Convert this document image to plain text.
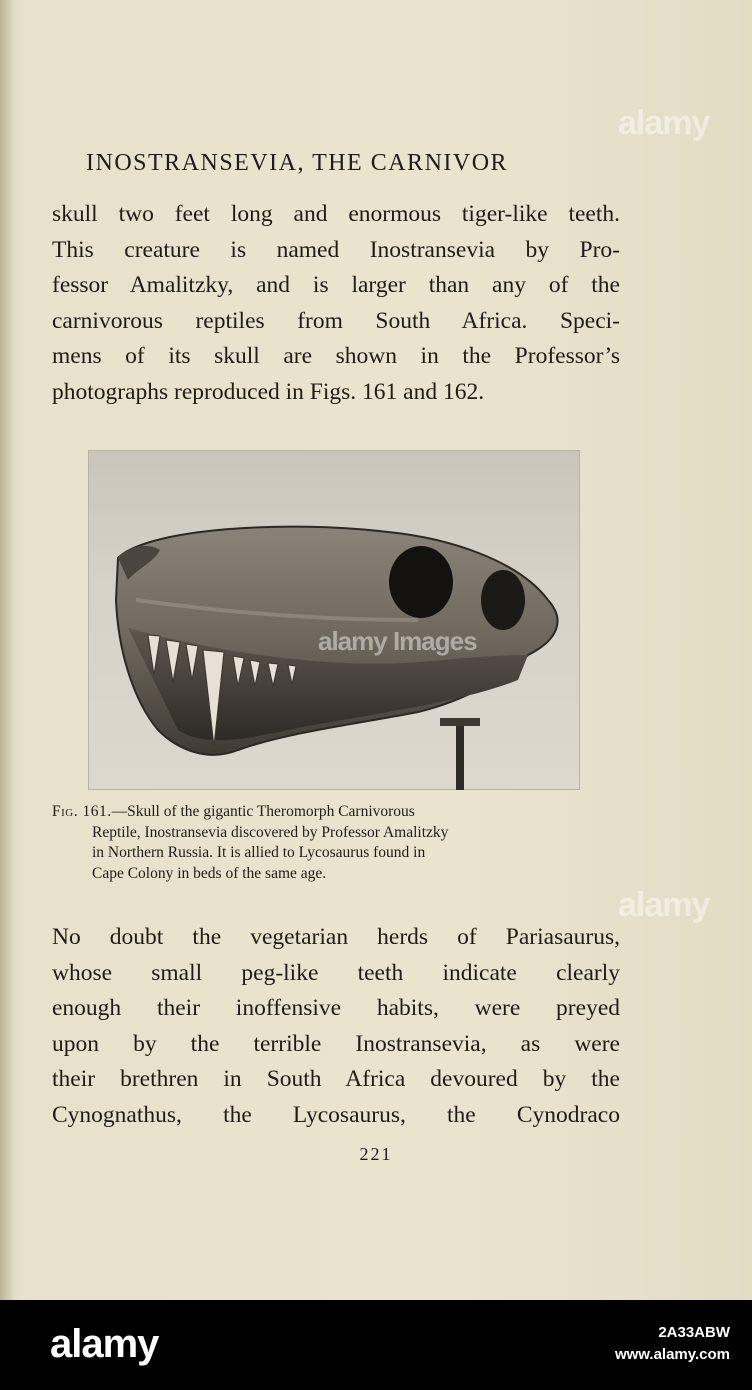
INOSTRANSEVIA, THE CARNIVOR
skull two feet long and enormous tiger-like teeth.
This creature is named Inostransevia by Pro-
fessor Amalitzky, and is larger than any of the
carnivorous reptiles from South Africa. Speci-
mens of its skull are shown in the Professor’s
photographs reproduced in Figs. 161 and 162.
alamy Images
Fig. 161.—Skull of the gigantic Theromorph Carnivorous
Reptile, Inostransevia discovered by Professor Amalitzky
in Northern Russia. It is allied to Lycosaurus found in
Cape Colony in beds of the same age.
No doubt the vegetarian herds of Pariasaurus,
whose small peg-like teeth indicate clearly
enough their inoffensive habits, were preyed
upon by the terrible Inostransevia, as were
their brethren in South Africa devoured by the
Cynognathus, the Lycosaurus, the Cynodraco
221
alamy
alamy
alamy	2A33ABW
www.alamy.com
